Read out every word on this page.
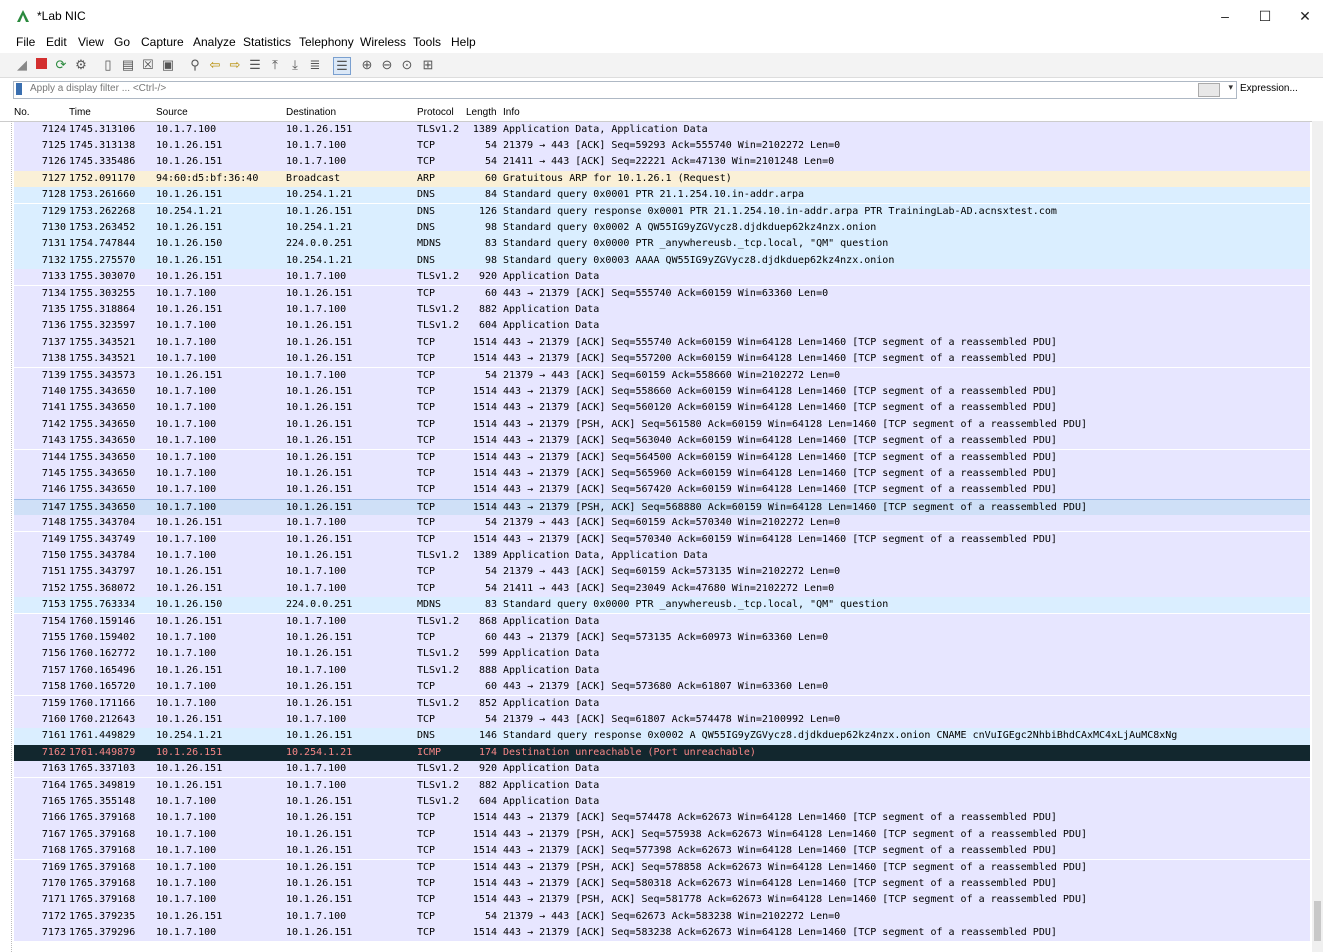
*Lab NIC	–	☐	✕
File Edit View Go Capture Analyze Statistics Telephony Wireless Tools Help
◢ ⟳ ⚙	▯ ▤ ☒ ▣ ⚲ ⇦ ⇨ ☰ ⤒	⤓ ≣ ☰ ⊕ ⊖ ⊙ ⊞
Apply a display filter ... <Ctrl-/>	▾ Expression...
No.	Time	Source	Destination	Protocol Length Info
7124 1745.313106 10.1.7.100	10.1.26.151	TLSv1.2	1389 Application Data, Application Data
7125 1745.313138 10.1.26.151	10.1.7.100	TCP	54 21379 → 443 [ACK] Seq=59293 Ack=555740 Win=2102272 Len=0
7126 1745.335486 10.1.26.151	10.1.7.100	TCP	54 21411 → 443 [ACK] Seq=22221 Ack=47130 Win=2101248 Len=0
7127 1752.091170 94:60:d5:bf:36:40	Broadcast	ARP	60 Gratuitous ARP for 10.1.26.1 (Request)
7128 1753.261660 10.1.26.151	10.254.1.21	DNS	84 Standard query 0x0001 PTR 21.1.254.10.in-addr.arpa
7129 1753.262268 10.254.1.21	10.1.26.151	DNS	126 Standard query response 0x0001 PTR 21.1.254.10.in-addr.arpa PTR TrainingLab-AD.acnsxtest.com
7130 1753.263452 10.1.26.151	10.254.1.21	DNS	98 Standard query 0x0002 A QW55IG9yZGVycz8.djdkduep62kz4nzx.onion
7131 1754.747844 10.1.26.150	224.0.0.251	MDNS	83 Standard query 0x0000 PTR _anywhereusb._tcp.local, "QM" question
7132 1755.275570 10.1.26.151	10.254.1.21	DNS	98 Standard query 0x0003 AAAA QW55IG9yZGVycz8.djdkduep62kz4nzx.onion
7133 1755.303070 10.1.26.151	10.1.7.100	TLSv1.2	920 Application Data
7134 1755.303255 10.1.7.100	10.1.26.151	TCP	60 443 → 21379 [ACK] Seq=555740 Ack=60159 Win=63360 Len=0
7135 1755.318864 10.1.26.151	10.1.7.100	TLSv1.2	882 Application Data
7136 1755.323597 10.1.7.100	10.1.26.151	TLSv1.2	604 Application Data
7137 1755.343521 10.1.7.100	10.1.26.151	TCP	1514 443 → 21379 [ACK] Seq=555740 Ack=60159 Win=64128 Len=1460 [TCP segment of a reassembled PDU]
7138 1755.343521 10.1.7.100	10.1.26.151	TCP	1514 443 → 21379 [ACK] Seq=557200 Ack=60159 Win=64128 Len=1460 [TCP segment of a reassembled PDU]
7139 1755.343573 10.1.26.151	10.1.7.100	TCP	54 21379 → 443 [ACK] Seq=60159 Ack=558660 Win=2102272 Len=0
7140 1755.343650 10.1.7.100	10.1.26.151	TCP	1514 443 → 21379 [ACK] Seq=558660 Ack=60159 Win=64128 Len=1460 [TCP segment of a reassembled PDU]
7141 1755.343650 10.1.7.100	10.1.26.151	TCP	1514 443 → 21379 [ACK] Seq=560120 Ack=60159 Win=64128 Len=1460 [TCP segment of a reassembled PDU]
7142 1755.343650 10.1.7.100	10.1.26.151	TCP	1514 443 → 21379 [PSH, ACK] Seq=561580 Ack=60159 Win=64128 Len=1460 [TCP segment of a reassembled PDU]
7143 1755.343650 10.1.7.100	10.1.26.151	TCP	1514 443 → 21379 [ACK] Seq=563040 Ack=60159 Win=64128 Len=1460 [TCP segment of a reassembled PDU]
7144 1755.343650 10.1.7.100	10.1.26.151	TCP	1514 443 → 21379 [ACK] Seq=564500 Ack=60159 Win=64128 Len=1460 [TCP segment of a reassembled PDU]
7145 1755.343650 10.1.7.100	10.1.26.151	TCP	1514 443 → 21379 [ACK] Seq=565960 Ack=60159 Win=64128 Len=1460 [TCP segment of a reassembled PDU]
7146 1755.343650 10.1.7.100	10.1.26.151	TCP	1514 443 → 21379 [ACK] Seq=567420 Ack=60159 Win=64128 Len=1460 [TCP segment of a reassembled PDU]
7147 1755.343650 10.1.7.100	10.1.26.151	TCP	1514 443 → 21379 [PSH, ACK] Seq=568880 Ack=60159 Win=64128 Len=1460 [TCP segment of a reassembled PDU]
7148 1755.343704 10.1.26.151	10.1.7.100	TCP	54 21379 → 443 [ACK] Seq=60159 Ack=570340 Win=2102272 Len=0
7149 1755.343749 10.1.7.100	10.1.26.151	TCP	1514 443 → 21379 [ACK] Seq=570340 Ack=60159 Win=64128 Len=1460 [TCP segment of a reassembled PDU]
7150 1755.343784 10.1.7.100	10.1.26.151	TLSv1.2	1389 Application Data, Application Data
7151 1755.343797 10.1.26.151	10.1.7.100	TCP	54 21379 → 443 [ACK] Seq=60159 Ack=573135 Win=2102272 Len=0
7152 1755.368072 10.1.26.151	10.1.7.100	TCP	54 21411 → 443 [ACK] Seq=23049 Ack=47680 Win=2102272 Len=0
7153 1755.763334 10.1.26.150	224.0.0.251	MDNS	83 Standard query 0x0000 PTR _anywhereusb._tcp.local, "QM" question
7154 1760.159146 10.1.26.151	10.1.7.100	TLSv1.2	868 Application Data
7155 1760.159402 10.1.7.100	10.1.26.151	TCP	60 443 → 21379 [ACK] Seq=573135 Ack=60973 Win=63360 Len=0
7156 1760.162772 10.1.7.100	10.1.26.151	TLSv1.2	599 Application Data
7157 1760.165496 10.1.26.151	10.1.7.100	TLSv1.2	888 Application Data
7158 1760.165720 10.1.7.100	10.1.26.151	TCP	60 443 → 21379 [ACK] Seq=573680 Ack=61807 Win=63360 Len=0
7159 1760.171166 10.1.7.100	10.1.26.151	TLSv1.2	852 Application Data
7160 1760.212643 10.1.26.151	10.1.7.100	TCP	54 21379 → 443 [ACK] Seq=61807 Ack=574478 Win=2100992 Len=0
7161 1761.449829 10.254.1.21	10.1.26.151	DNS	146 Standard query response 0x0002 A QW55IG9yZGVycz8.djdkduep62kz4nzx.onion CNAME cnVuIGEgc2NhbiBhdCAxMC4xLjAuMC8xNg
7162 1761.449879 10.1.26.151	10.254.1.21	ICMP	174 Destination unreachable (Port unreachable)
7163 1765.337103 10.1.26.151	10.1.7.100	TLSv1.2	920 Application Data
7164 1765.349819 10.1.26.151	10.1.7.100	TLSv1.2	882 Application Data
7165 1765.355148 10.1.7.100	10.1.26.151	TLSv1.2	604 Application Data
7166 1765.379168 10.1.7.100	10.1.26.151	TCP	1514 443 → 21379 [ACK] Seq=574478 Ack=62673 Win=64128 Len=1460 [TCP segment of a reassembled PDU]
7167 1765.379168 10.1.7.100	10.1.26.151	TCP	1514 443 → 21379 [PSH, ACK] Seq=575938 Ack=62673 Win=64128 Len=1460 [TCP segment of a reassembled PDU]
7168 1765.379168 10.1.7.100	10.1.26.151	TCP	1514 443 → 21379 [ACK] Seq=577398 Ack=62673 Win=64128 Len=1460 [TCP segment of a reassembled PDU]
7169 1765.379168 10.1.7.100	10.1.26.151	TCP	1514 443 → 21379 [PSH, ACK] Seq=578858 Ack=62673 Win=64128 Len=1460 [TCP segment of a reassembled PDU]
7170 1765.379168 10.1.7.100	10.1.26.151	TCP	1514 443 → 21379 [ACK] Seq=580318 Ack=62673 Win=64128 Len=1460 [TCP segment of a reassembled PDU]
7171 1765.379168 10.1.7.100	10.1.26.151	TCP	1514 443 → 21379 [PSH, ACK] Seq=581778 Ack=62673 Win=64128 Len=1460 [TCP segment of a reassembled PDU]
7172 1765.379235 10.1.26.151	10.1.7.100	TCP	54 21379 → 443 [ACK] Seq=62673 Ack=583238 Win=2102272 Len=0
7173 1765.379296 10.1.7.100	10.1.26.151	TCP	1514 443 → 21379 [ACK] Seq=583238 Ack=62673 Win=64128 Len=1460 [TCP segment of a reassembled PDU]
